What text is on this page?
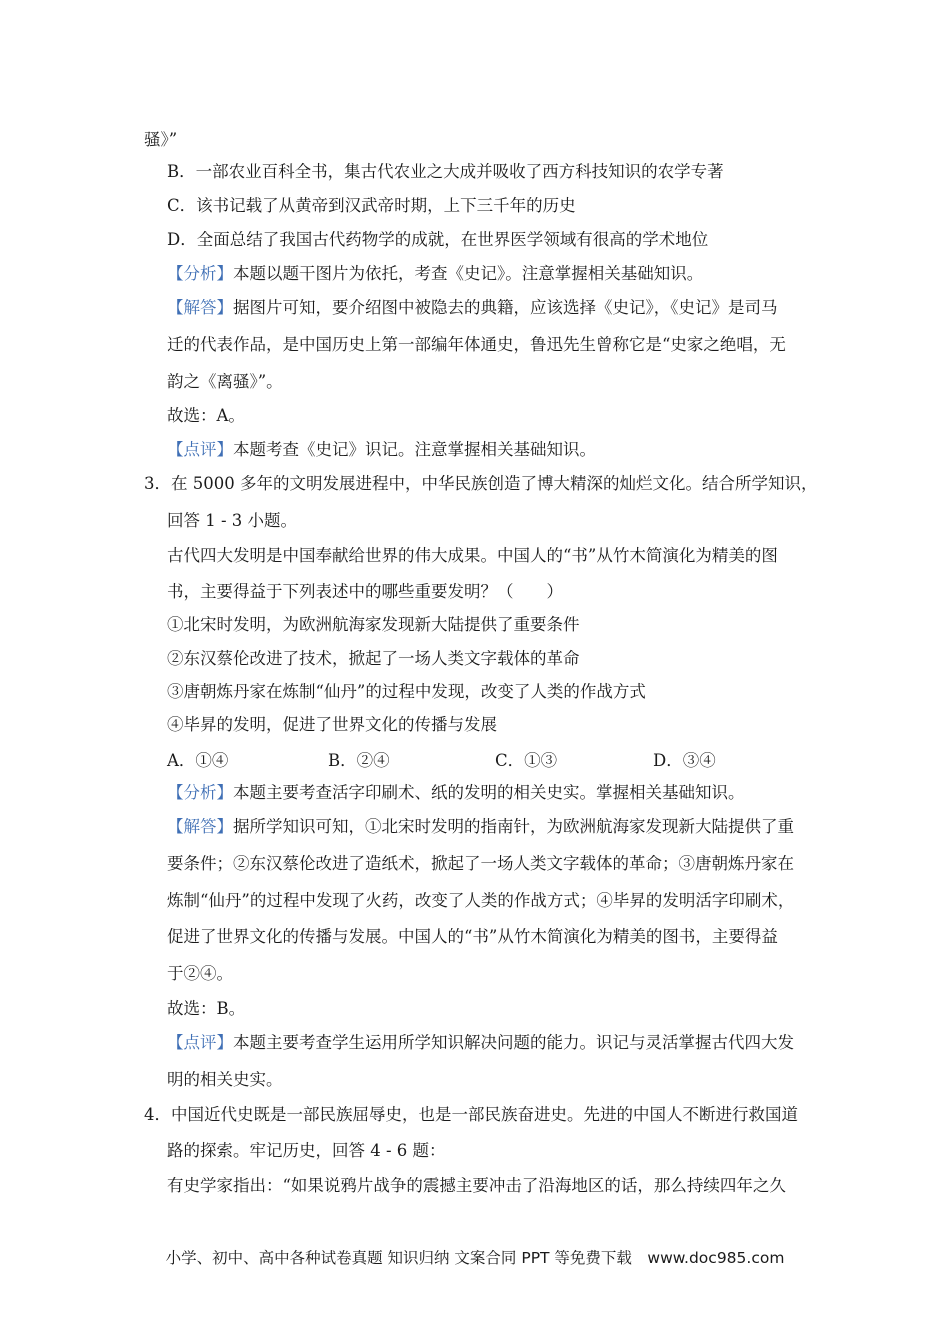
骚》”
B．一部农业百科全书，集古代农业之大成并吸收了西方科技知识的农学专著
C．该书记载了从黄帝到汉武帝时期，上下三千年的历史
D．全面总结了我国古代药物学的成就，在世界医学领域有很高的学术地位
【分析】本题以题干图片为依托，考查《史记》。注意掌握相关基础知识。
【解答】据图片可知，要介绍图中被隐去的典籍，应该选择《史记》，《史记》是司马
迁的代表作品，是中国历史上第一部编年体通史，鲁迅先生曾称它是“史家之绝唱，无
韵之《离骚》”。
故选：A。
【点评】本题考查《史记》识记。注意掌握相关基础知识。
3．在 5000 多年的文明发展进程中，中华民族创造了博大精深的灿烂文化。结合所学知识，
回答 1 - 3 小题。
古代四大发明是中国奉献给世界的伟大成果。中国人的“书”从竹木简演化为精美的图
书，主要得益于下列表述中的哪些重要发明？（　　）
①北宋时发明，为欧洲航海家发现新大陆提供了重要条件
②东汉蔡伦改进了技术，掀起了一场人类文字载体的革命
③唐朝炼丹家在炼制“仙丹”的过程中发现，改变了人类的作战方式
④毕昇的发明，促进了世界文化的传播与发展
A．①④	B．②④	C．①③	D．③④
【分析】本题主要考查活字印刷术、纸的发明的相关史实。掌握相关基础知识。
【解答】据所学知识可知，①北宋时发明的指南针，为欧洲航海家发现新大陆提供了重
要条件；②东汉蔡伦改进了造纸术，掀起了一场人类文字载体的革命；③唐朝炼丹家在
炼制“仙丹”的过程中发现了火药，改变了人类的作战方式；④毕昇的发明活字印刷术，
促进了世界文化的传播与发展。中国人的“书”从竹木简演化为精美的图书，主要得益
于②④。
故选：B。
【点评】本题主要考查学生运用所学知识解决问题的能力。识记与灵活掌握古代四大发
明的相关史实。
4．中国近代史既是一部民族屈辱史，也是一部民族奋进史。先进的中国人不断进行救国道
路的探索。牢记历史，回答 4 - 6 题：
有史学家指出：“如果说鸦片战争的震撼主要冲击了沿海地区的话，那么持续四年之久
小学、初中、高中各种试卷真题 知识归纳 文案合同 PPT 等免费下载　www.doc985.com
